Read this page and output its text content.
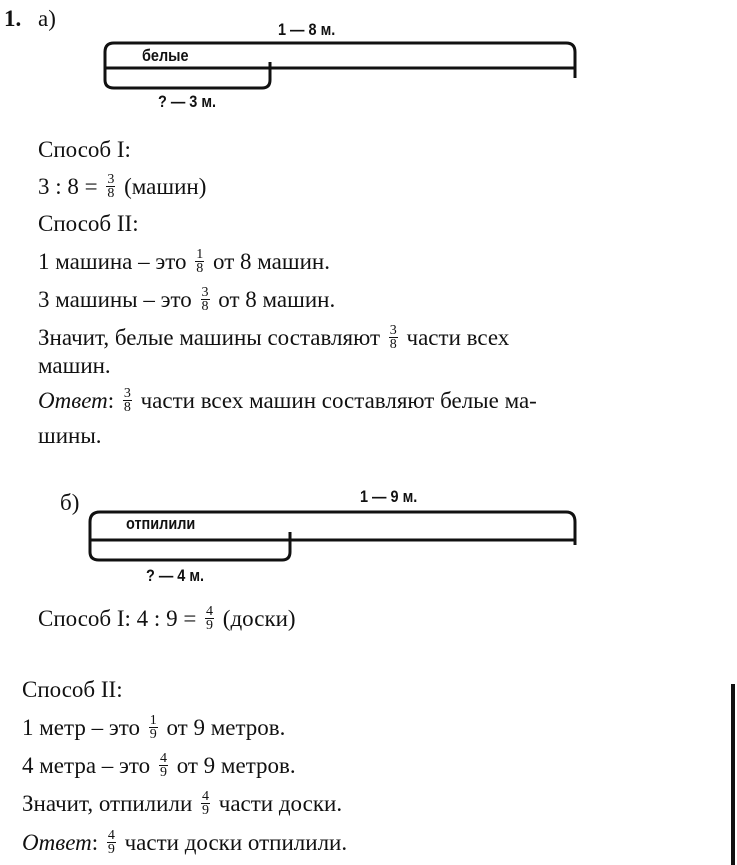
1. а)	1 — 8 м.
белые
? — 3 м.
Способ I:
3 : $8 = \frac{3}{8}$ (машин)
Способ II:
1 машина – это $\frac{1}{8}$ от 8 машин.
3 машины – это $\frac{3}{8}$ от 8 машин.
Значит, белые машины составляют $\frac{3}{8}$ части всех
машин.
Ответ: $\frac{3}{8}$ части всех машин составляют белые ма-
шины.
б)	1 — 9 м.
отпилили
? — 4 м.
Способ I: 4 : $9 = \frac{4}{9}$ (доски)
Способ II:
1 метр – это $\frac{1}{9}$ от 9 метров.
4 метра – это $\frac{4}{9}$ от 9 метров.
Значит, отпилили $\frac{4}{9}$ части доски.
Ответ: $\frac{4}{9}$ части доски отпилили.
